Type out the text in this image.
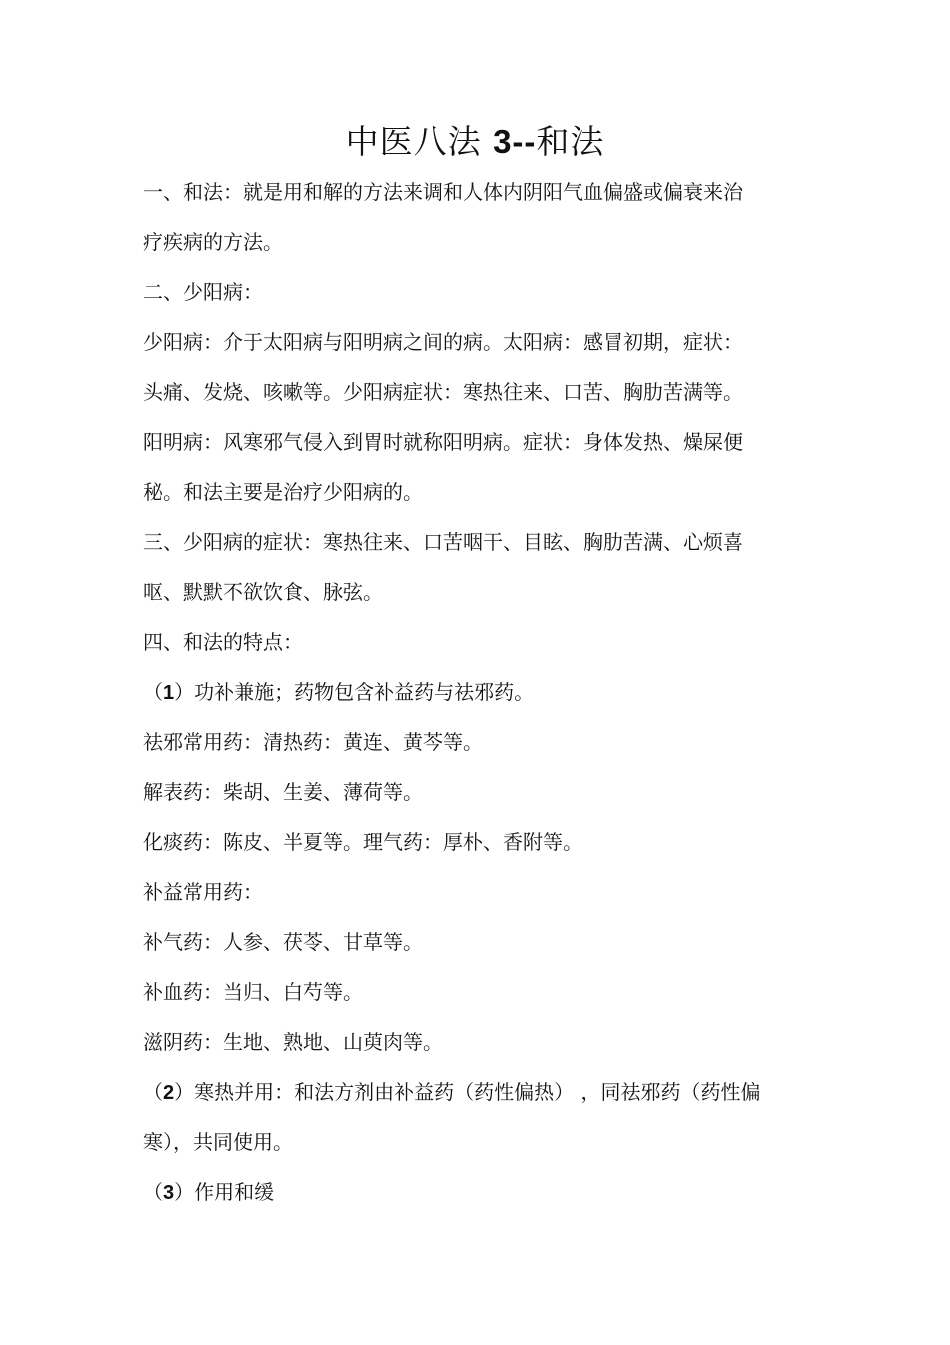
中医八法 3--和法
一、和法：就是用和解的方法来调和人体内阴阳气血偏盛或偏衰来治
疗疾病的方法。
二、少阳病：
少阳病：介于太阳病与阳明病之间的病。太阳病：感冒初期，症状：
头痛、发烧、咳嗽等。少阳病症状：寒热往来、口苦、胸肋苦满等。
阳明病：风寒邪气侵入到胃时就称阳明病。症状：身体发热、燥屎便
秘。和法主要是治疗少阳病的。
三、少阳病的症状：寒热往来、口苦咽干、目眩、胸肋苦满、心烦喜
呕、默默不欲饮食、脉弦。
四、和法的特点：
（1）功补兼施；药物包含补益药与祛邪药。
祛邪常用药：清热药：黄连、黄芩等。
解表药：柴胡、生姜、薄荷等。
化痰药：陈皮、半夏等。理气药：厚朴、香附等。
补益常用药：
补气药：人参、茯苓、甘草等。
补血药：当归、白芍等。
滋阴药：生地、熟地、山萸肉等。
（2）寒热并用：和法方剂由补益药（药性偏热） ，同祛邪药（药性偏
寒），共同使用。
（3）作用和缓
